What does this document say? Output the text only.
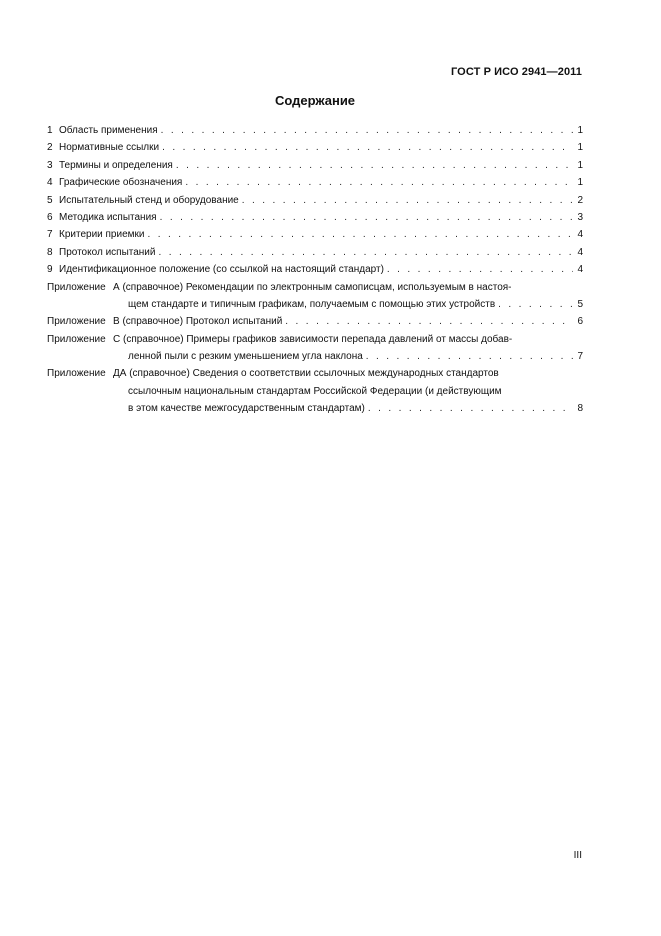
ГОСТ Р ИСО 2941—2011
Содержание
1 Область применения . . .	1
2 Нормативные ссылки . . .	1
3 Термины и определения . . .	1
4 Графические обозначения . . .	1
5 Испытательный стенд и оборудование . . .	2
6 Методика испытания . . .	3
7 Критерии приемки . . .	4
8 Протокол испытаний . . .	4
9 Идентификационное положение (со ссылкой на настоящий стандарт) . . .	4
Приложение А (справочное) Рекомендации по электронным самописцам, используемым в настоя-
щем стандарте и типичным графикам, получаемым с помощью этих устройств . . .	5
Приложение В (справочное) Протокол испытаний . . .	6
Приложение С (справочное) Примеры графиков зависимости перепада давлений от массы добав-
ленной пыли с резким уменьшением угла наклона . . .	7
Приложение ДА (справочное) Сведения о соответствии ссылочных международных стандартов
ссылочным национальным стандартам Российской Федерации (и действующим
в этом качестве межгосударственным стандартам) . . .	8
III
